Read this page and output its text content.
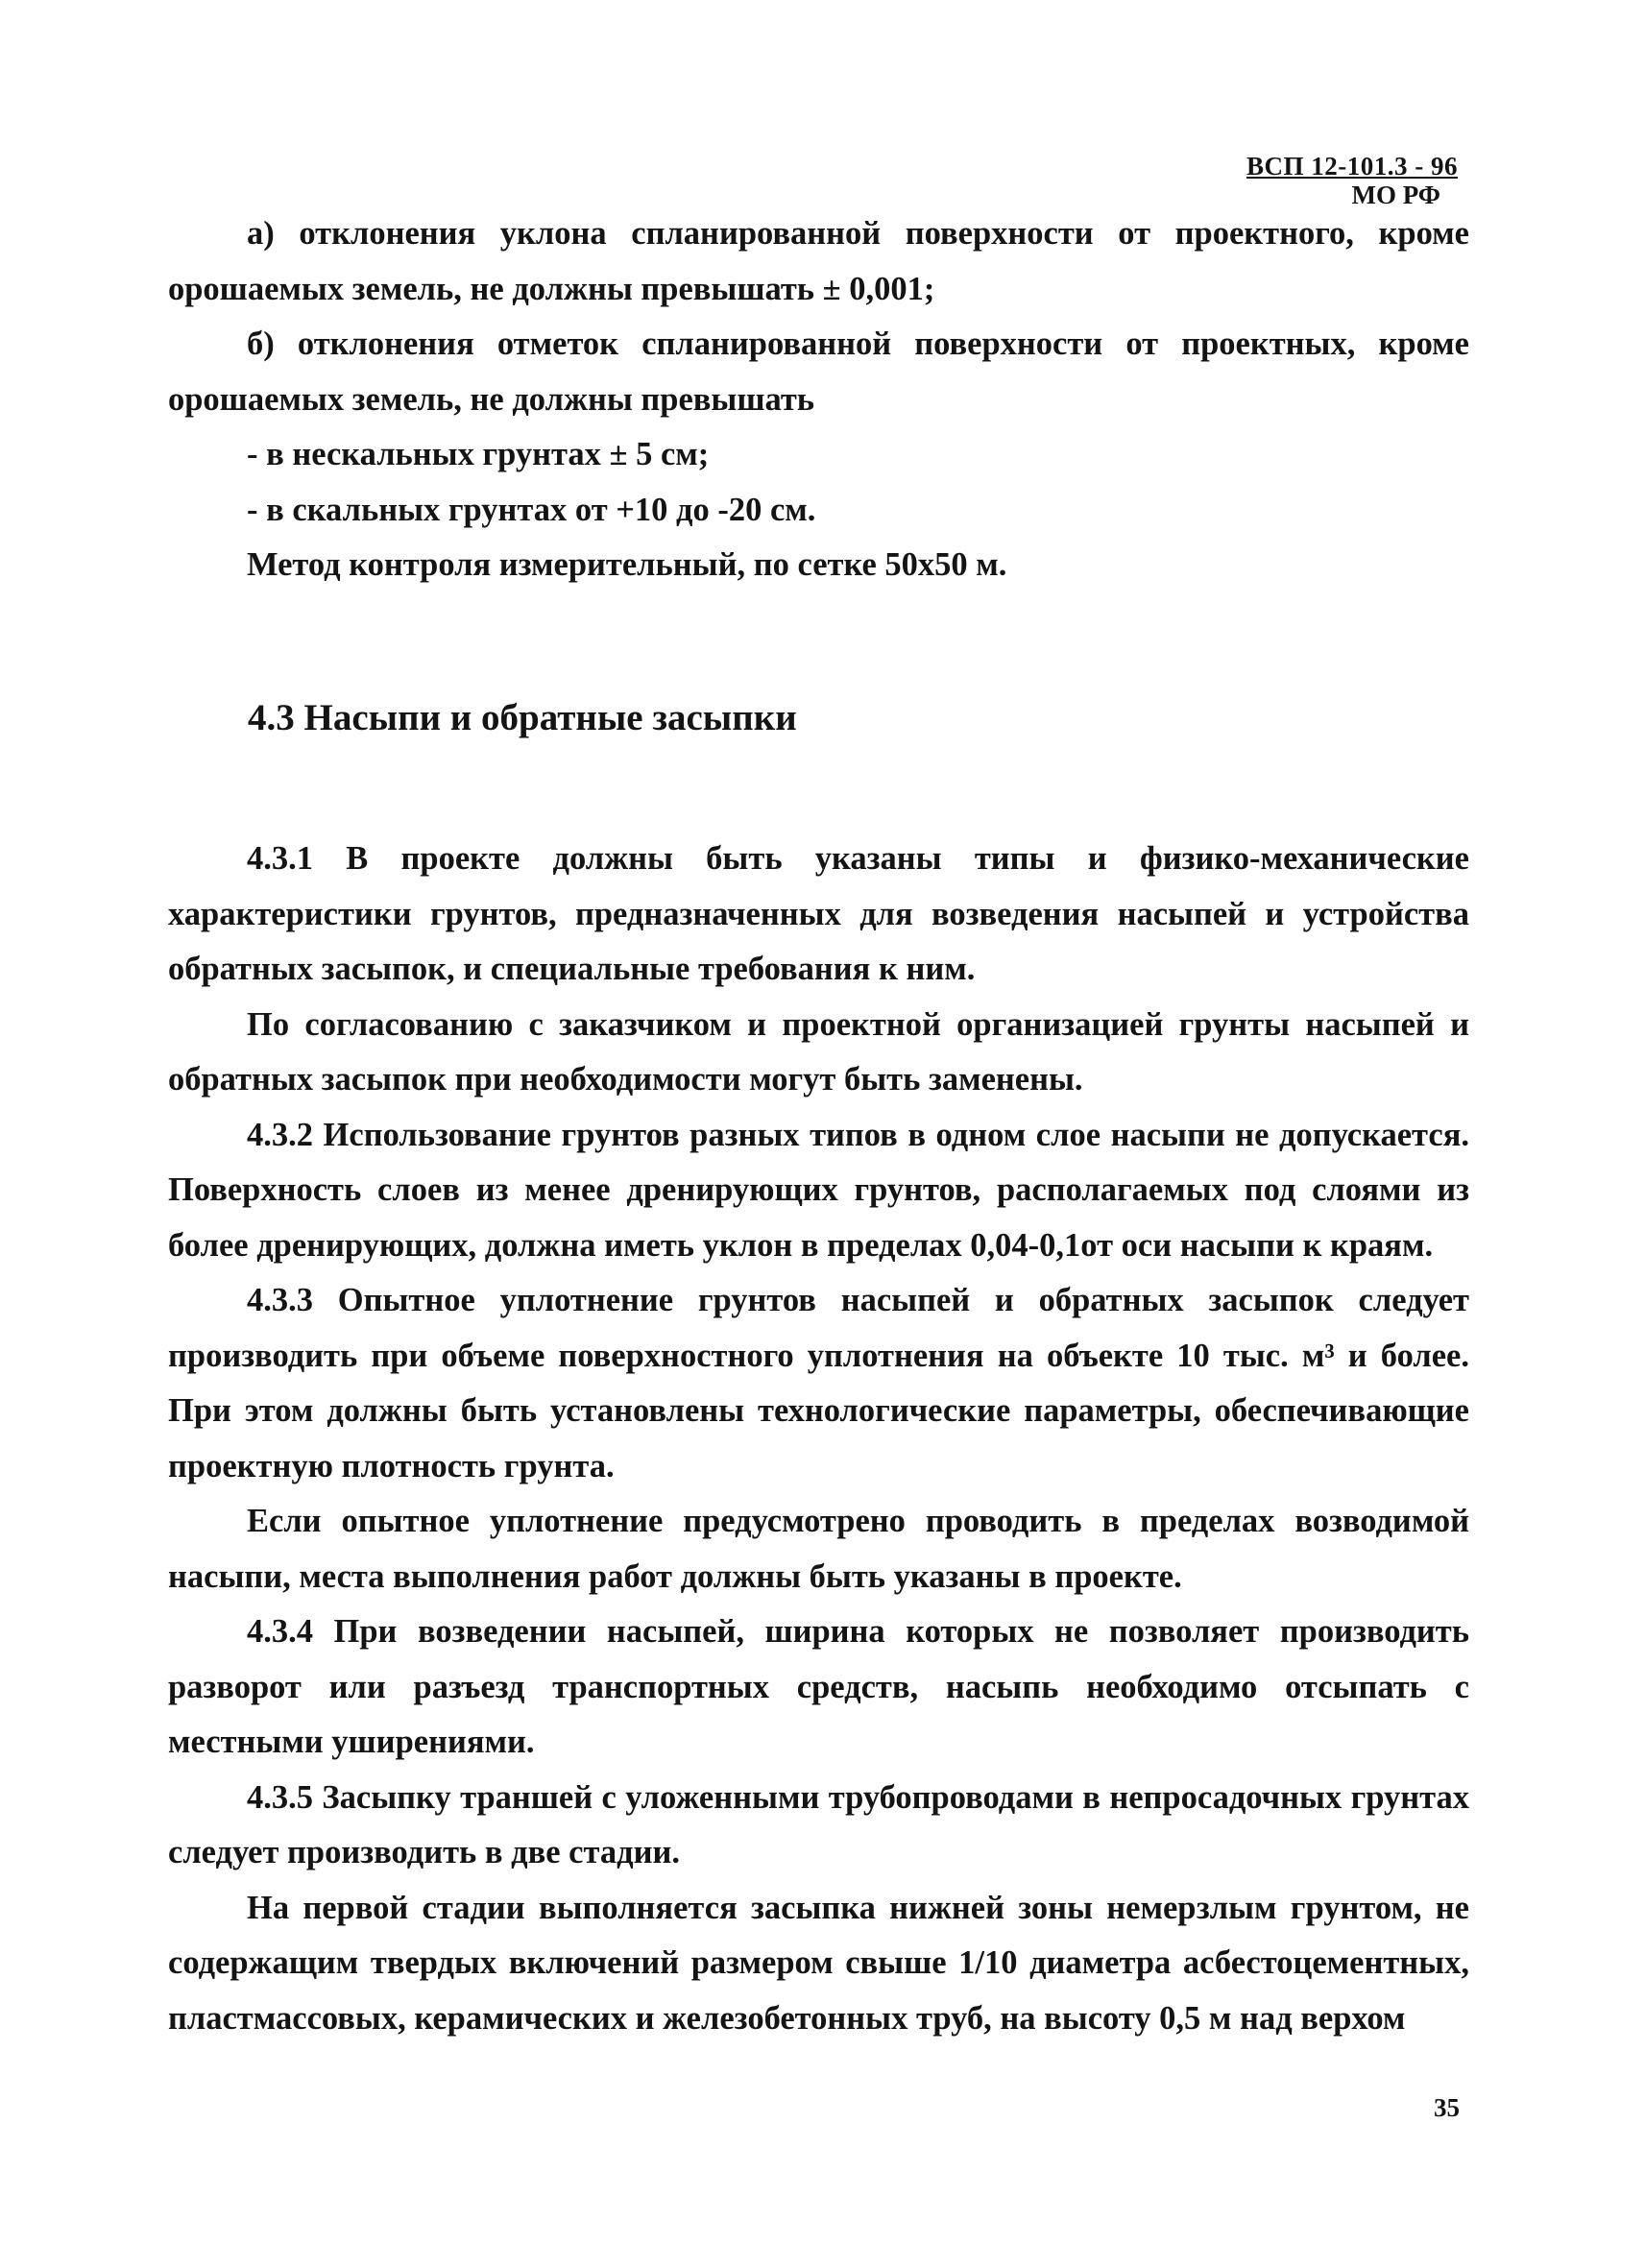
ВСП 12-101.3 - 96
МО РФ

а) отклонения уклона спланированной поверхности от проектного, кроме орошаемых земель, не должны превышать ± 0,001;

б) отклонения отметок спланированной поверхности от проектных, кроме орошаемых земель, не должны превышать

- в нескальных грунтах ± 5 см;

- в скальных грунтах от +10 до -20 см.

Метод контроля измерительный, по сетке 50х50 м.

4.3 Насыпи и обратные засыпки

4.3.1 В проекте должны быть указаны типы и физико-механические характеристики грунтов, предназначенных для возведения насыпей и устройства обратных засыпок, и специальные требования к ним.

По согласованию с заказчиком и проектной организацией грунты насыпей и обратных засыпок при необходимости могут быть заменены.

4.3.2 Использование грунтов разных типов в одном слое насыпи не допускается. Поверхность слоев из менее дренирующих грунтов, располагаемых под слоями из более дренирующих, должна иметь уклон в пределах 0,04-0,1от оси насыпи к краям.

4.3.3 Опытное уплотнение грунтов насыпей и обратных засыпок следует производить при объеме поверхностного уплотнения на объекте 10 тыс. м³ и более. При этом должны быть установлены технологические параметры, обеспечивающие проектную плотность грунта.

Если опытное уплотнение предусмотрено проводить в пределах возводимой насыпи, места выполнения работ должны быть указаны в проекте.

4.3.4 При возведении насыпей, ширина которых не позволяет производить разворот или разъезд транспортных средств, насыпь необходимо отсыпать с местными уширениями.

4.3.5 Засыпку траншей с уложенными трубопроводами в непросадочных грунтах следует производить в две стадии.

На первой стадии выполняется засыпка нижней зоны немерзлым грунтом, не содержащим твердых включений размером свыше 1/10 диаметра асбестоцементных, пластмассовых, керамических и железобетонных труб, на высоту 0,5 м над верхом

35
